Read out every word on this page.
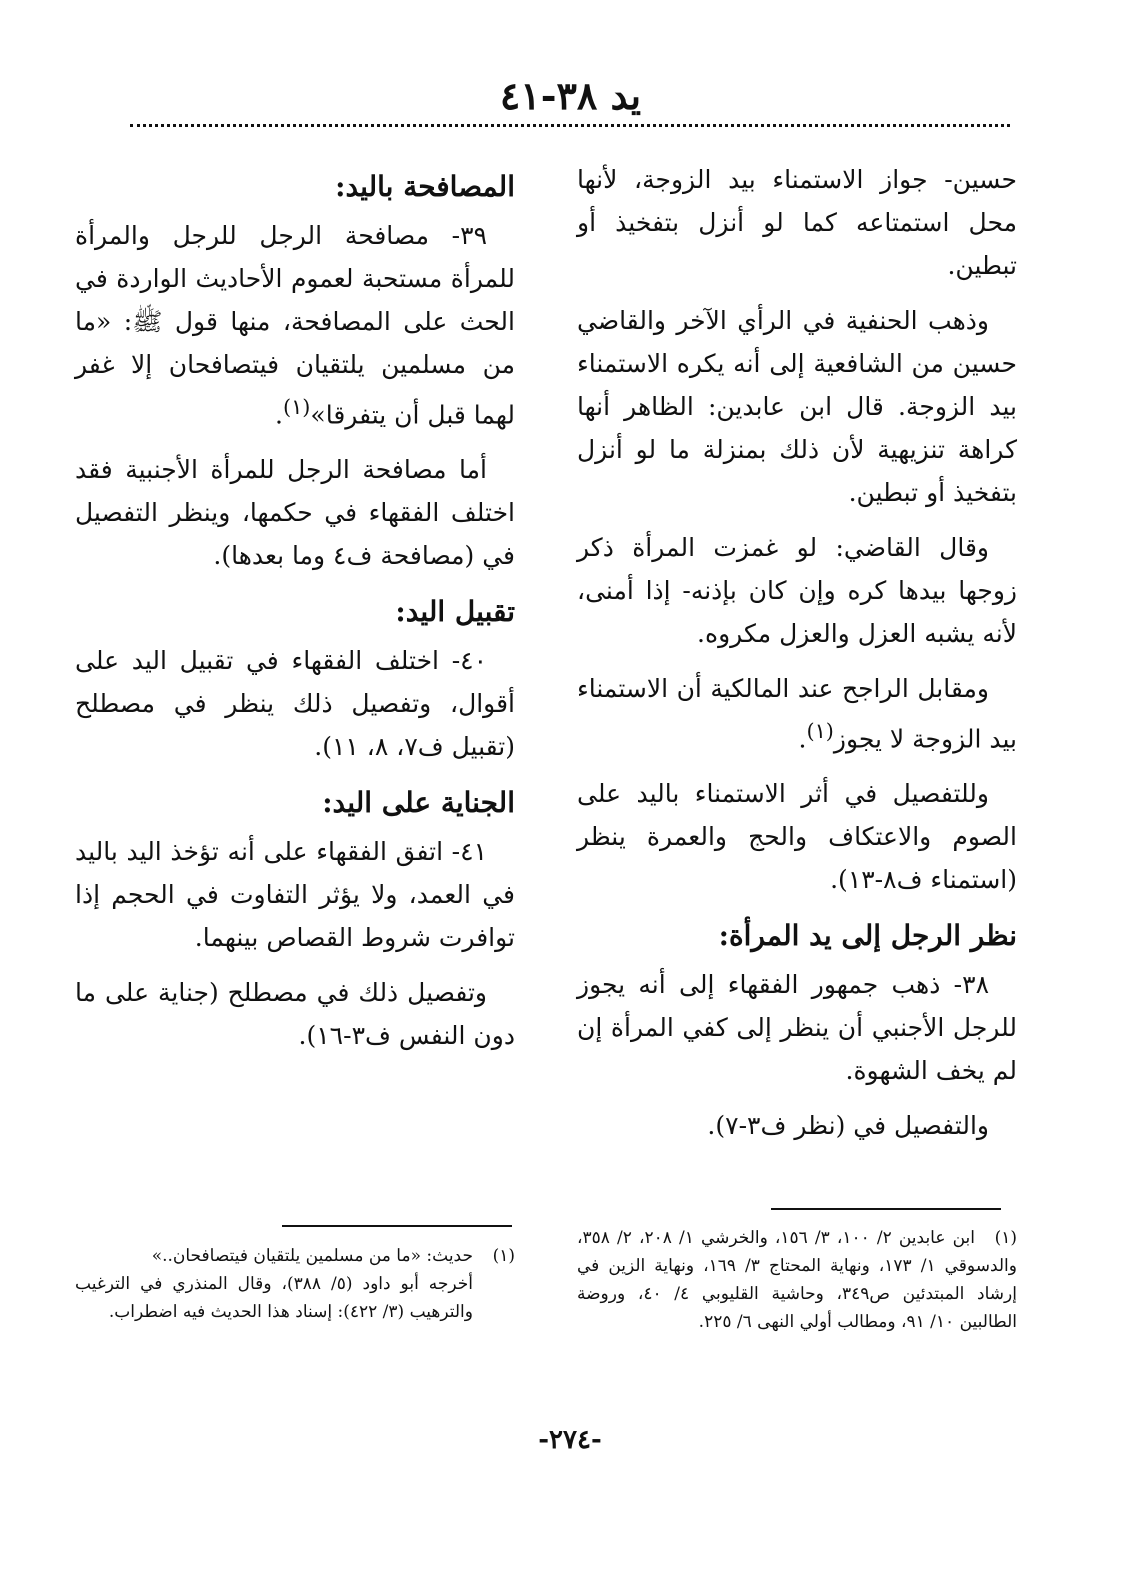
يد ٣٨-٤١

حسين- جواز الاستمناء بيد الزوجة، لأنها محل استمتاعه كما لو أنزل بتفخيذ أو تبطين.

وذهب الحنفية في الرأي الآخر والقاضي حسين من الشافعية إلى أنه يكره الاستمناء بيد الزوجة. قال ابن عابدين: الظاهر أنها كراهة تنزيهية لأن ذلك بمنزلة ما لو أنزل بتفخيذ أو تبطين.

وقال القاضي: لو غمزت المرأة ذكر زوجها بيدها كره وإن كان بإذنه- إذا أمنى، لأنه يشبه العزل والعزل مكروه.

ومقابل الراجح عند المالكية أن الاستمناء بيد الزوجة لا يجوز$^{(١)}$.

وللتفصيل في أثر الاستمناء باليد على الصوم والاعتكاف والحج والعمرة ينظر (استمناء ف٨-١٣).

نظر الرجل إلى يد المرأة:

٣٨- ذهب جمهور الفقهاء إلى أنه يجوز للرجل الأجنبي أن ينظر إلى كفي المرأة إن لم يخف الشهوة.

والتفصيل في (نظر ف٣-٧).

المصافحة باليد:

٣٩- مصافحة الرجل للرجل والمرأة للمرأة مستحبة لعموم الأحاديث الواردة في الحث على المصافحة، منها قول ﷺ: «ما من مسلمين يلتقيان فيتصافحان إلا غفر لهما قبل أن يتفرقا»$^{(١)}$.

أما مصافحة الرجل للمرأة الأجنبية فقد اختلف الفقهاء في حكمها، وينظر التفصيل في (مصافحة ف٤ وما بعدها).

تقبيل اليد:

٤٠- اختلف الفقهاء في تقبيل اليد على أقوال، وتفصيل ذلك ينظر في مصطلح (تقبيل ف٧، ٨، ١١).

الجناية على اليد:

٤١- اتفق الفقهاء على أنه تؤخذ اليد باليد في العمد، ولا يؤثر التفاوت في الحجم إذا توافرت شروط القصاص بينهما.

وتفصيل ذلك في مصطلح (جناية على ما دون النفس ف٣-١٦).

(١)ابن عابدين ٢/ ١٠٠، ٣/ ١٥٦، والخرشي ١/ ٢٠٨، ٢/ ٣٥٨، والدسوقي ١/ ١٧٣، ونهاية المحتاج ٣/ ١٦٩، ونهاية الزين في إرشاد المبتدئين ص٣٤٩، وحاشية القليوبي ٤/ ٤٠، وروضة الطالبين ١٠/ ٩١، ومطالب أولي النهى ٦/ ٢٢٥.
(١)حديث: «ما من مسلمين يلتقيان فيتصافحان..»
أخرجه أبو داود (٥/ ٣٨٨)، وقال المنذري في الترغيب والترهيب (٣/ ٤٢٢): إسناد هذا الحديث فيه اضطراب.
-٢٧٤-
